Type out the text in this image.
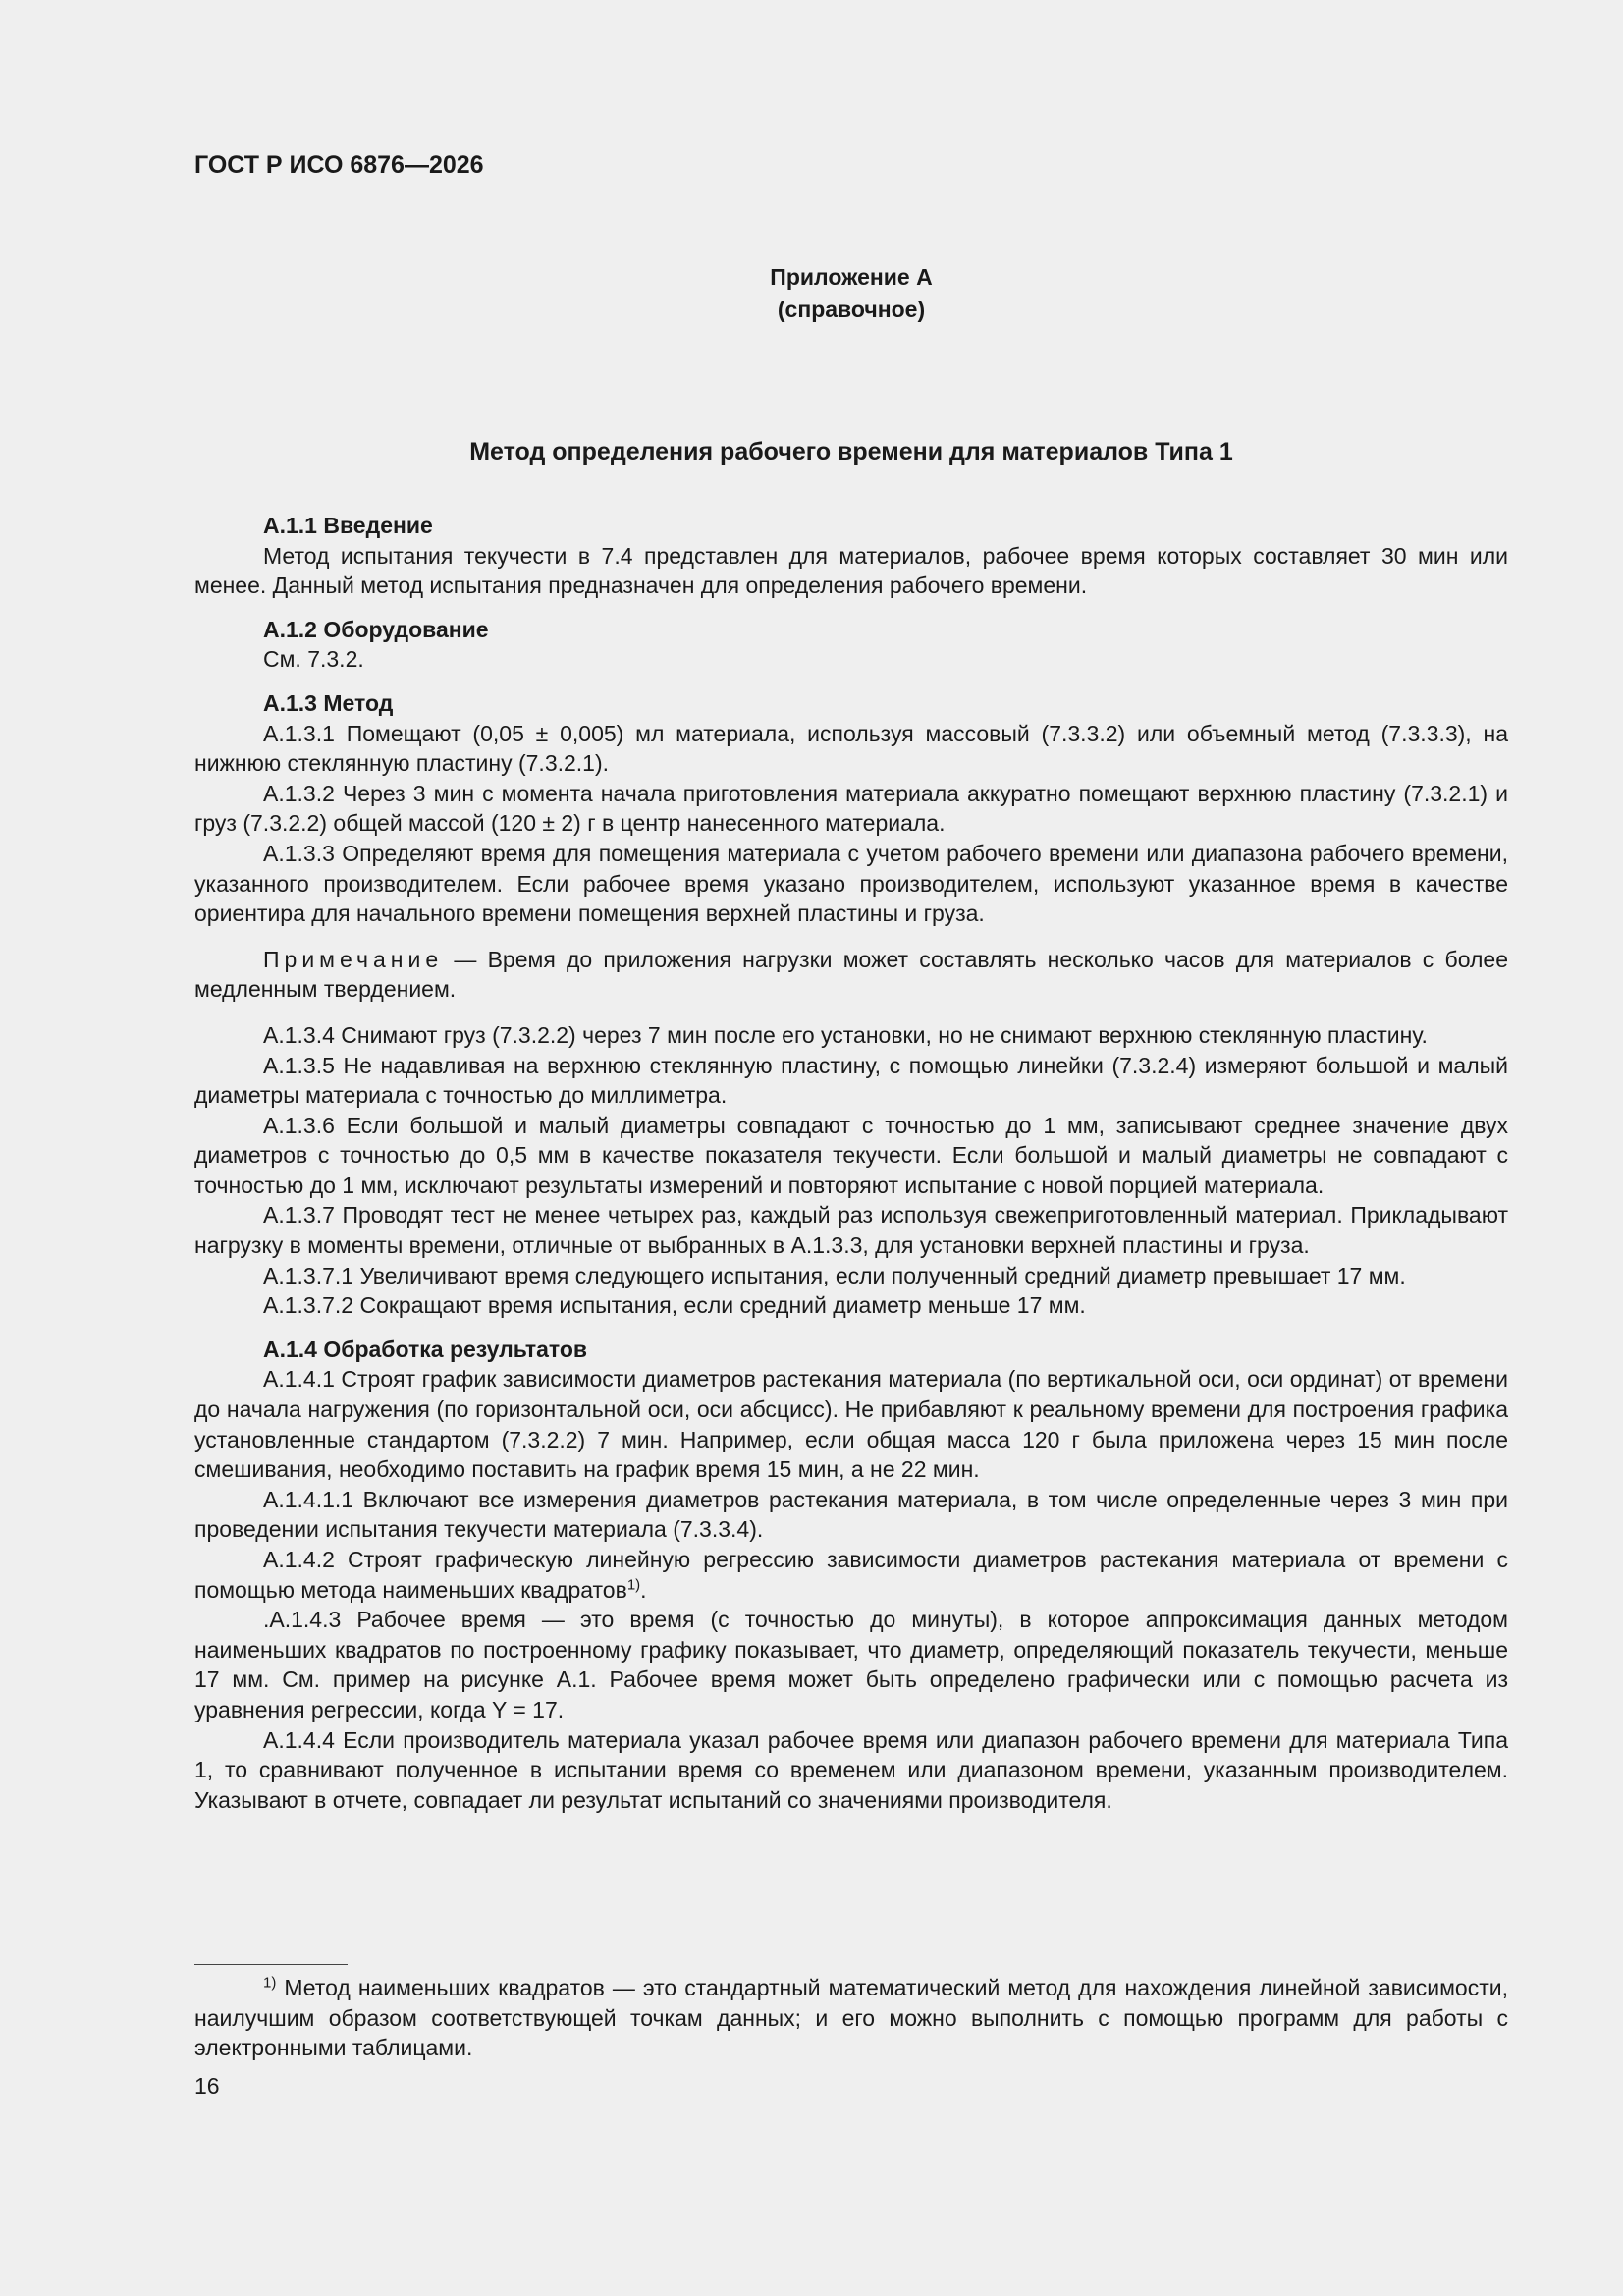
ГОСТ Р ИСО 6876—2026

Приложение А
(справочное)
Метод определения рабочего времени для материалов Типа 1

А.1.1 Введение

Метод испытания текучести в 7.4 представлен для материалов, рабочее время которых составляет 30 мин или менее. Данный метод испытания предназначен для определения рабочего времени.

А.1.2 Оборудование

См. 7.3.2.

А.1.3 Метод

А.1.3.1 Помещают (0,05 ± 0,005) мл материала, используя массовый (7.3.3.2) или объемный метод (7.3.3.3), на нижнюю стеклянную пластину (7.3.2.1).

А.1.3.2 Через 3 мин с момента начала приготовления материала аккуратно помещают верхнюю пластину (7.3.2.1) и груз (7.3.2.2) общей массой (120 ± 2) г в центр нанесенного материала.

А.1.3.3 Определяют время для помещения материала с учетом рабочего времени или диапазона рабочего времени, указанного производителем. Если рабочее время указано производителем, используют указанное время в качестве ориентира для начального времени помещения верхней пластины и груза.

Примечание — Время до приложения нагрузки может составлять несколько часов для материалов с более медленным твердением.

А.1.3.4 Снимают груз (7.3.2.2) через 7 мин после его установки, но не снимают верхнюю стеклянную пластину.

А.1.3.5 Не надавливая на верхнюю стеклянную пластину, с помощью линейки (7.3.2.4) измеряют большой и малый диаметры материала с точностью до миллиметра.

А.1.3.6 Если большой и малый диаметры совпадают с точностью до 1 мм, записывают среднее значение двух диаметров с точностью до 0,5 мм в качестве показателя текучести. Если большой и малый диаметры не совпадают с точностью до 1 мм, исключают результаты измерений и повторяют испытание с новой порцией материала.

А.1.3.7 Проводят тест не менее четырех раз, каждый раз используя свежеприготовленный материал. Прикладывают нагрузку в моменты времени, отличные от выбранных в А.1.3.3, для установки верхней пластины и груза.

А.1.3.7.1 Увеличивают время следующего испытания, если полученный средний диаметр превышает 17 мм.

А.1.3.7.2 Сокращают время испытания, если средний диаметр меньше 17 мм.

А.1.4 Обработка результатов

А.1.4.1 Строят график зависимости диаметров растекания материала (по вертикальной оси, оси ординат) от времени до начала нагружения (по горизонтальной оси, оси абсцисс). Не прибавляют к реальному времени для построения графика установленные стандартом (7.3.2.2) 7 мин. Например, если общая масса 120 г была приложена через 15 мин после смешивания, необходимо поставить на график время 15 мин, а не 22 мин.

А.1.4.1.1 Включают все измерения диаметров растекания материала, в том числе определенные через 3 мин при проведении испытания текучести материала (7.3.3.4).

А.1.4.2 Строят графическую линейную регрессию зависимости диаметров растекания материала от времени с помощью метода наименьших квадратов$^{1)}$.

.А.1.4.3 Рабочее время — это время (с точностью до минуты), в которое аппроксимация данных методом наименьших квадратов по построенному графику показывает, что диаметр, определяющий показатель текучести, меньше 17 мм. См. пример на рисунке А.1. Рабочее время может быть определено графически или с помощью расчета из уравнения регрессии, когда Y = 17.

А.1.4.4 Если производитель материала указал рабочее время или диапазон рабочего времени для материала Типа 1, то сравнивают полученное в испытании время со временем или диапазоном времени, указанным производителем. Указывают в отчете, совпадает ли результат испытаний со значениями производителя.

$^{1)}$ Метод наименьших квадратов — это стандартный математический метод для нахождения линейной зависимости, наилучшим образом соответствующей точкам данных; и его можно выполнить с помощью программ для работы с электронными таблицами.

16
